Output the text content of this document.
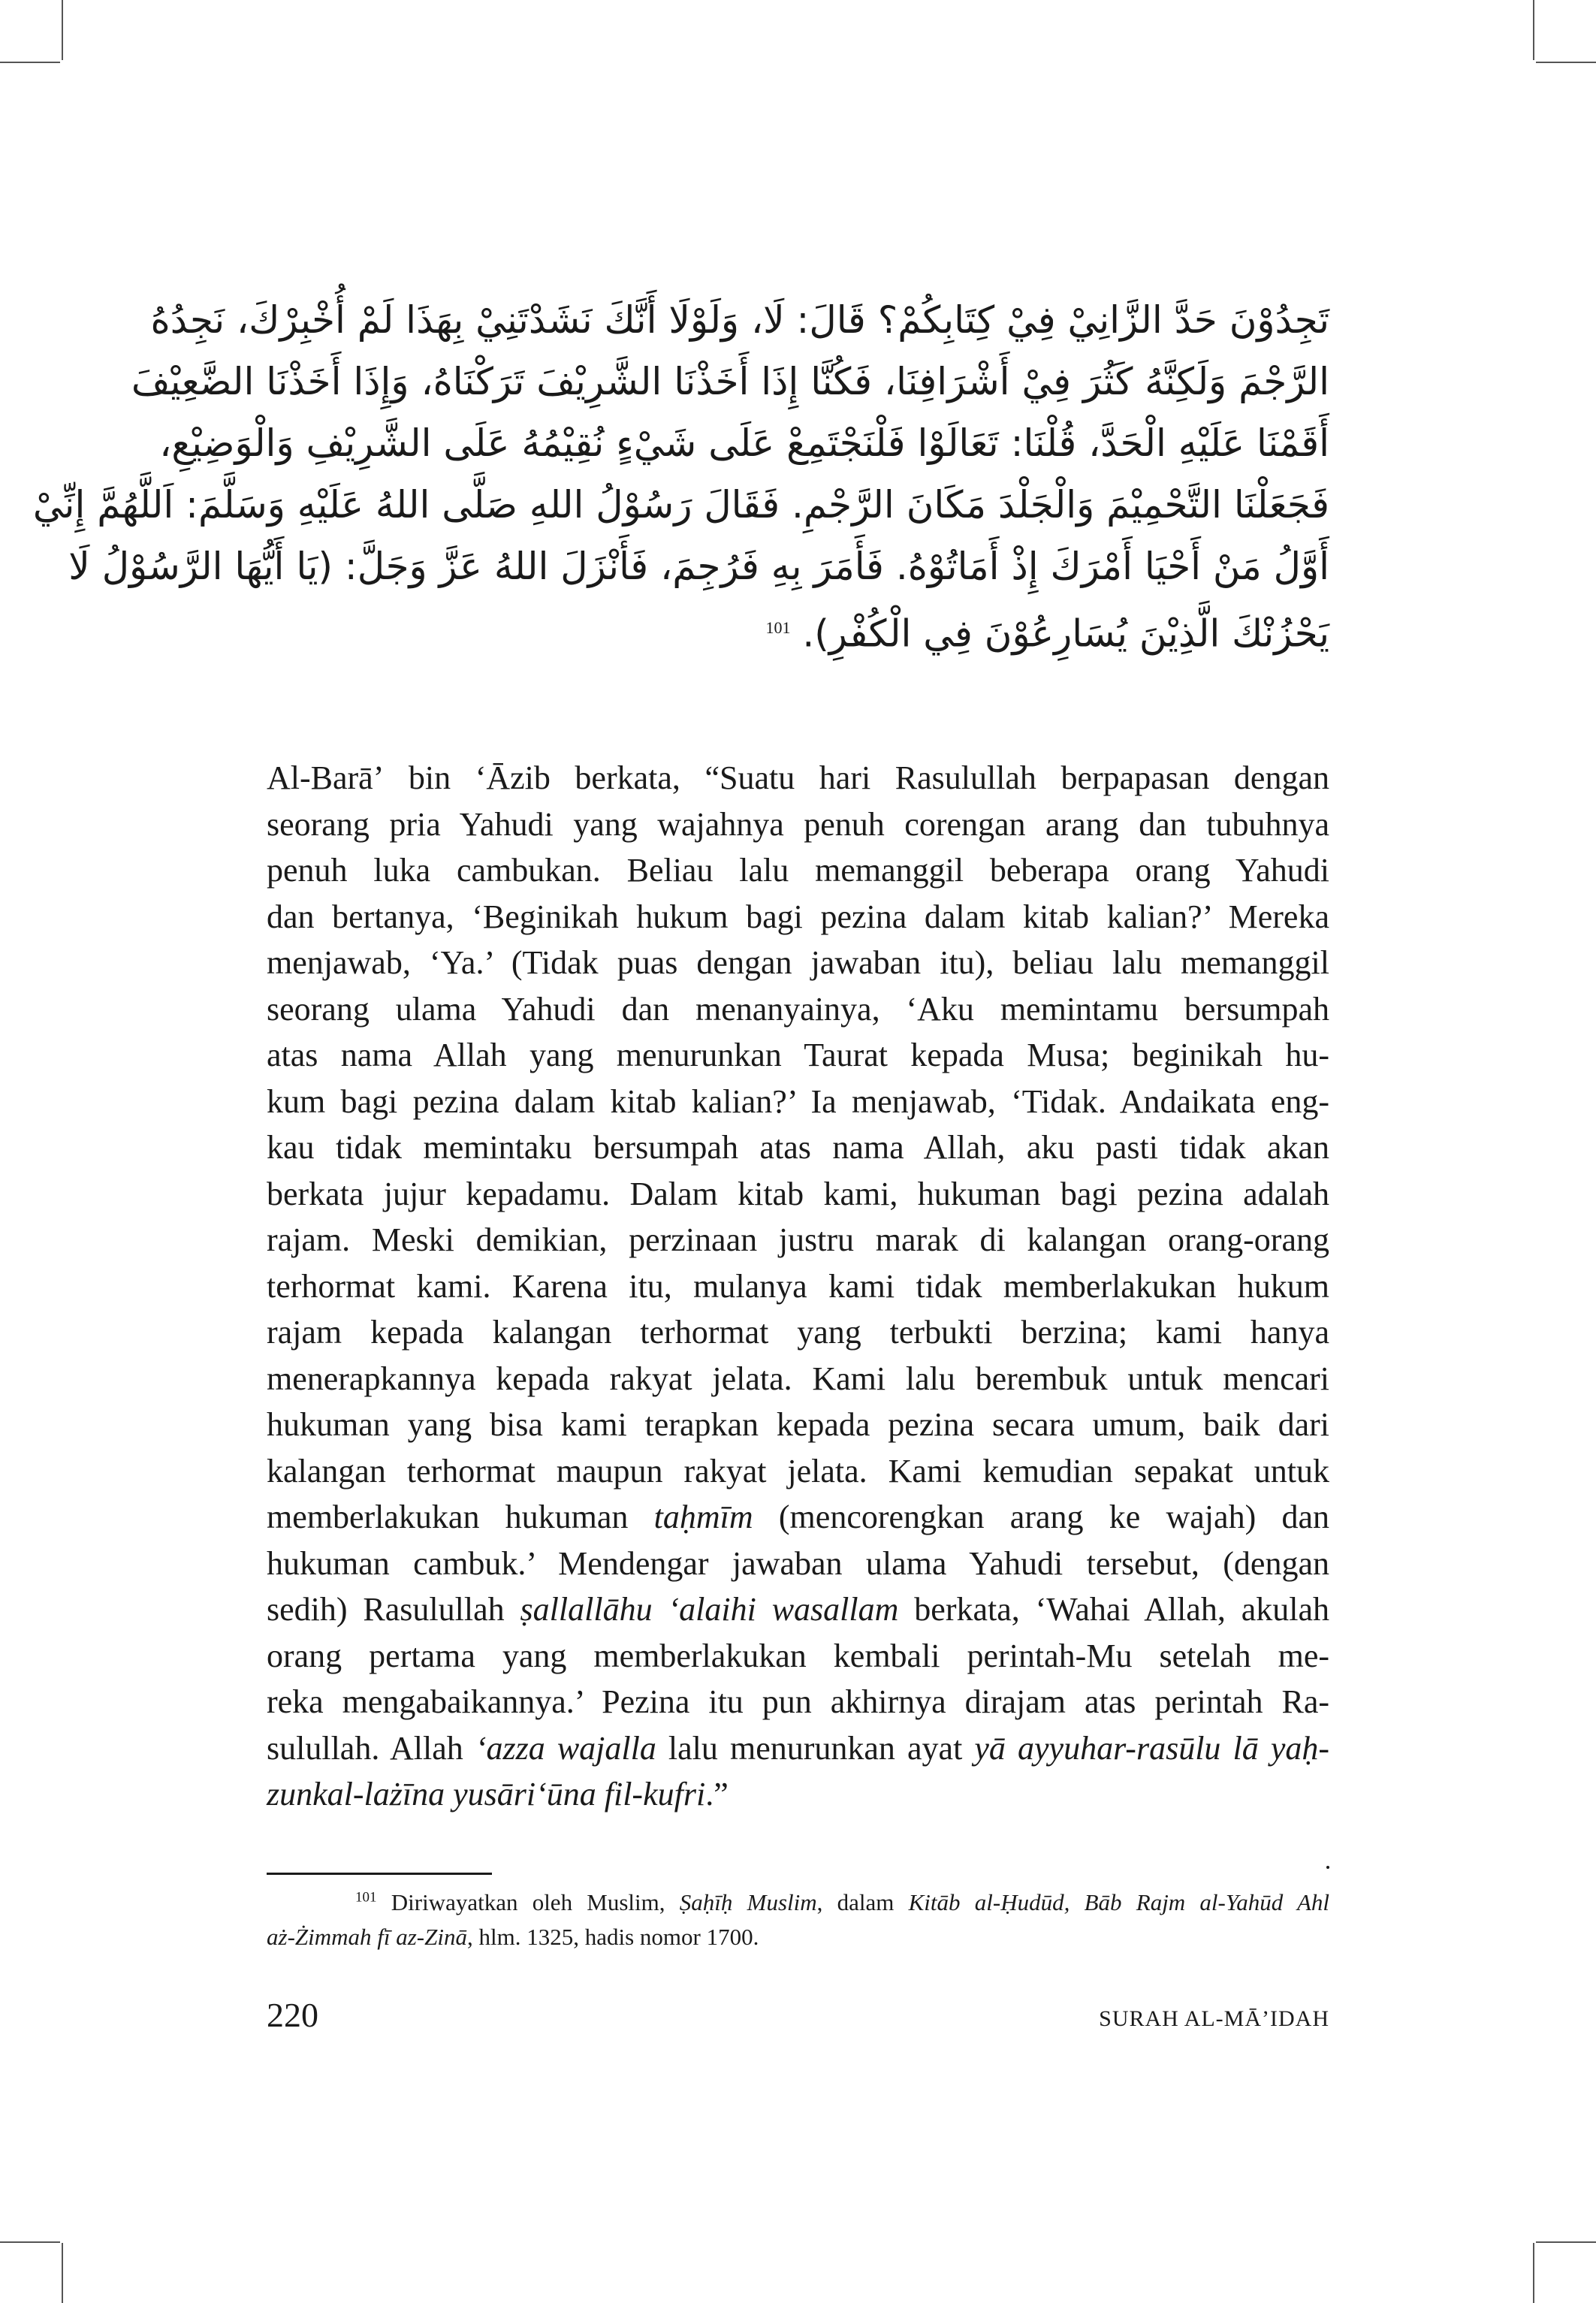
تَجِدُوْنَ حَدَّ الزَّانِيْ فِيْ كِتَابِكُمْ؟ قَالَ: لَا، وَلَوْلَا أَنَّكَ نَشَدْتَنِيْ بِهَذَا لَمْ أُخْبِرْكَ، نَجِدُهُ
الرَّجْمَ وَلَكِنَّهُ كَثُرَ فِيْ أَشْرَافِنَا، فَكُنَّا إِذَا أَخَذْنَا الشَّرِيْفَ تَرَكْنَاهُ، وَإِذَا أَخَذْنَا الضَّعِيْفَ
أَقَمْنَا عَلَيْهِ الْحَدَّ، قُلْنَا: تَعَالَوْا فَلْنَجْتَمِعْ عَلَى شَيْءٍ نُقِيْمُهُ عَلَى الشَّرِيْفِ وَالْوَضِيْعِ،
فَجَعَلْنَا التَّحْمِيْمَ وَالْجَلْدَ مَكَانَ الرَّجْمِ. فَقَالَ رَسُوْلُ اللهِ صَلَّى اللهُ عَلَيْهِ وَسَلَّمَ: اَللَّهُمَّ إِنِّيْ
أَوَّلُ مَنْ أَحْيَا أَمْرَكَ إِذْ أَمَاتُوْهُ. فَأَمَرَ بِهِ فَرُجِمَ، فَأَنْزَلَ اللهُ عَزَّ وَجَلَّ: (يَا أَيُّهَا الرَّسُوْلُ لَا
يَحْزُنْكَ الَّذِيْنَ يُسَارِعُوْنَ فِي الْكُفْرِ). $^{101}$
Al-Barāʼ bin ʻĀzib berkata, “Suatu hari Rasulullah berpapasan dengan
seorang pria Yahudi yang wajahnya penuh corengan arang dan tubuhnya
penuh luka cambukan. Beliau lalu memanggil beberapa orang Yahudi
dan bertanya, ‘Beginikah hukum bagi pezina dalam kitab kalian?’ Mereka
menjawab, ‘Ya.’ (Tidak puas dengan jawaban itu), beliau lalu memanggil
seorang ulama Yahudi dan menanyainya, ‘Aku memintamu bersumpah
atas nama Allah yang menurunkan Taurat kepada Musa; beginikah hu-
kum bagi pezina dalam kitab kalian?’ Ia menjawab, ‘Tidak. Andaikata eng-
kau tidak memintaku bersumpah atas nama Allah, aku pasti tidak akan
berkata jujur kepadamu. Dalam kitab kami, hukuman bagi pezina adalah
rajam. Meski demikian, perzinaan justru marak di kalangan orang-orang
terhormat kami. Karena itu, mulanya kami tidak memberlakukan hukum
rajam kepada kalangan terhormat yang terbukti berzina; kami hanya
menerapkannya kepada rakyat jelata. Kami lalu berembuk untuk mencari
hukuman yang bisa kami terapkan kepada pezina secara umum, baik dari
kalangan terhormat maupun rakyat jelata. Kami kemudian sepakat untuk
memberlakukan hukuman taḥmīm (mencorengkan arang ke wajah) dan
hukuman cambuk.’ Mendengar jawaban ulama Yahudi tersebut, (dengan
sedih) Rasulullah ṣallallāhu ‘alaihi wasallam berkata, ‘Wahai Allah, akulah
orang pertama yang memberlakukan kembali perintah-Mu setelah me-
reka mengabaikannya.’ Pezina itu pun akhirnya dirajam atas perintah Ra-
sulullah. Allah ‘azza wajalla lalu menurunkan ayat yā ayyuhar-rasūlu lā yaḥ-
zunkal-lażīna yusāri‘ūna fil-kufri.”
$^{101}$ Diriwayatkan oleh Muslim, Ṣaḥīḥ Muslim, dalam Kitāb al-Ḥudūd, Bāb Rajm al-Yahūd Ahl
aż-Żimmah fī az-Zinā, hlm. 1325, hadis nomor 1700.
220	SURAH AL-MĀ’IDAH
